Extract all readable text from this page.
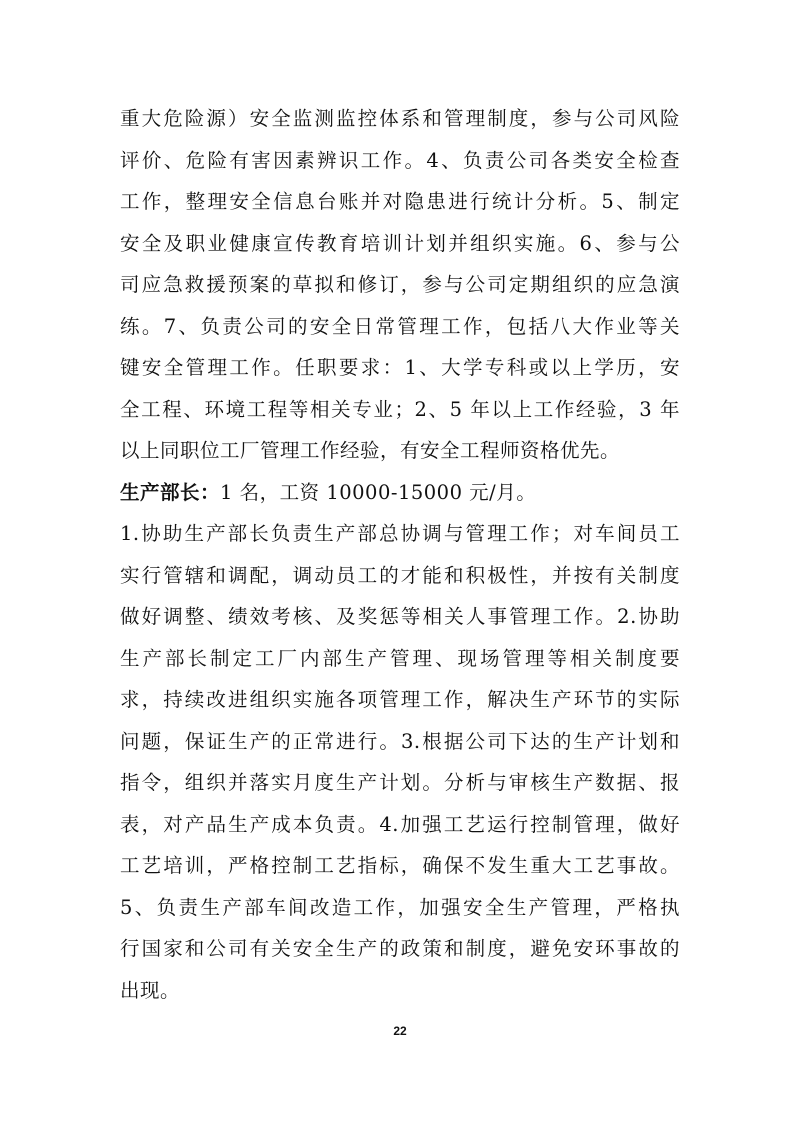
重大危险源）安全监测监控体系和管理制度，参与公司风险
评价、危险有害因素辨识工作。4、负责公司各类安全检查
工作，整理安全信息台账并对隐患进行统计分析。5、制定
安全及职业健康宣传教育培训计划并组织实施。6、参与公
司应急救援预案的草拟和修订，参与公司定期组织的应急演
练。7、负责公司的安全日常管理工作，包括八大作业等关
键安全管理工作。任职要求：1、大学专科或以上学历，安
全工程、环境工程等相关专业；2、5 年以上工作经验，3 年
以上同职位工厂管理工作经验，有安全工程师资格优先。
生产部长：1 名，工资 10000-15000 元/月。
1.协助生产部长负责生产部总协调与管理工作；对车间员工
实行管辖和调配，调动员工的才能和积极性，并按有关制度
做好调整、绩效考核、及奖惩等相关人事管理工作。2.协助
生产部长制定工厂内部生产管理、现场管理等相关制度要
求，持续改进组织实施各项管理工作，解决生产环节的实际
问题，保证生产的正常进行。3.根据公司下达的生产计划和
指令，组织并落实月度生产计划。分析与审核生产数据、报
表，对产品生产成本负责。4.加强工艺运行控制管理，做好
工艺培训，严格控制工艺指标，确保不发生重大工艺事故。
5、负责生产部车间改造工作，加强安全生产管理，严格执
行国家和公司有关安全生产的政策和制度，避免安环事故的
出现。
22
